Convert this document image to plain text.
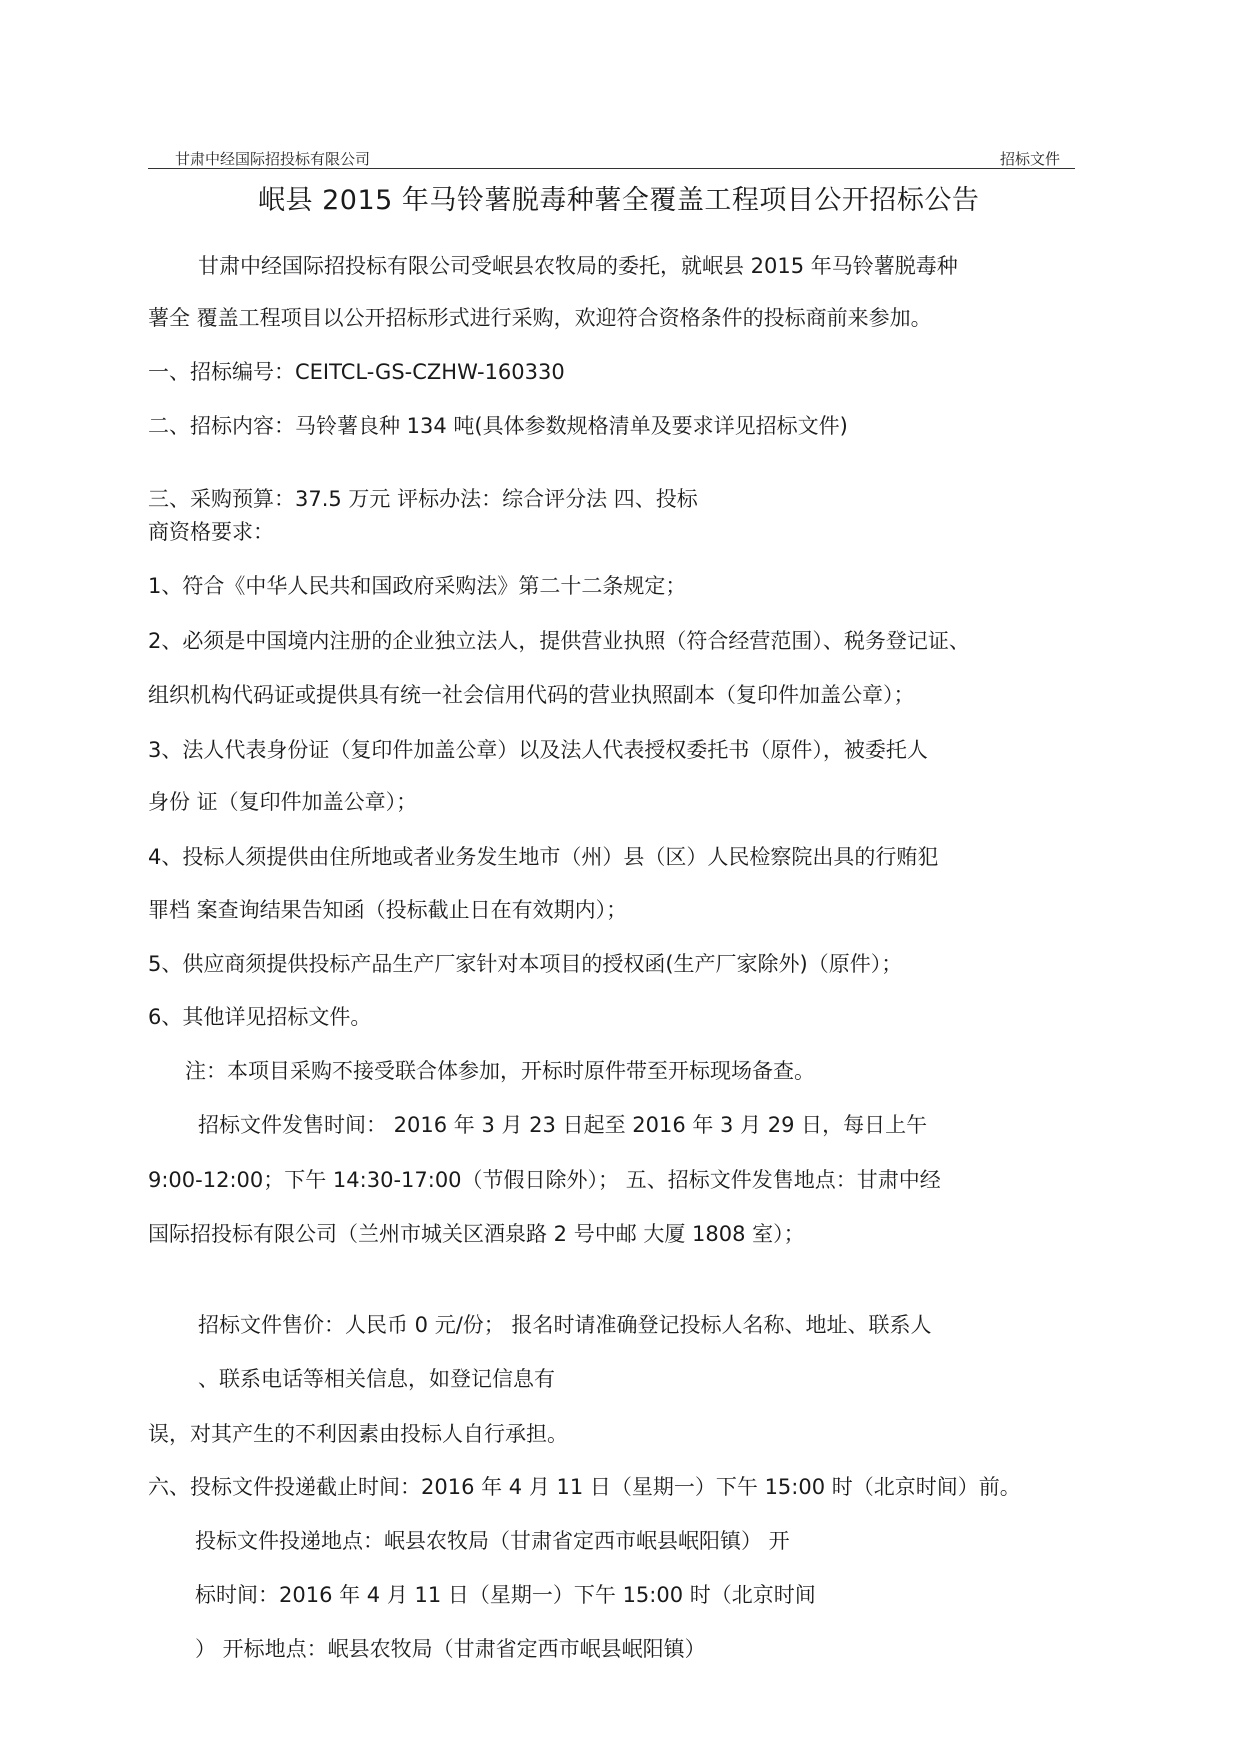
甘肃中经国际招投标有限公司	招标文件
岷县 2015 年马铃薯脱毒种薯全覆盖工程项目公开招标公告
甘肃中经国际招投标有限公司受岷县农牧局的委托，就岷县 2015 年马铃薯脱毒种
薯全 覆盖工程项目以公开招标形式进行采购，欢迎符合资格条件的投标商前来参加。
一、招标编号：CEITCL-GS-CZHW-160330
二、招标内容：马铃薯良种 134 吨(具体参数规格清单及要求详见招标文件)
三、采购预算：37.5 万元 评标办法：综合评分法 四、投标
商资格要求：
1、符合《中华人民共和国政府采购法》第二十二条规定；
2、必须是中国境内注册的企业独立法人，提供营业执照（符合经营范围）、税务登记证、
组织机构代码证或提供具有统一社会信用代码的营业执照副本（复印件加盖公章）；
3、法人代表身份证（复印件加盖公章）以及法人代表授权委托书（原件），被委托人
身份 证（复印件加盖公章）；
4、投标人须提供由住所地或者业务发生地市（州）县（区）人民检察院出具的行贿犯
罪档 案查询结果告知函（投标截止日在有效期内）；
5、供应商须提供投标产品生产厂家针对本项目的授权函(生产厂家除外)（原件）；
6、其他详见招标文件。
注：本项目采购不接受联合体参加，开标时原件带至开标现场备查。
招标文件发售时间： 2016 年 3 月 23 日起至 2016 年 3 月 29 日，每日上午
9:00-12:00；下午 14:30-17:00（节假日除外）； 五、招标文件发售地点：甘肃中经
国际招投标有限公司（兰州市城关区酒泉路 2 号中邮 大厦 1808 室）；
招标文件售价：人民币 0 元/份； 报名时请准确登记投标人名称、地址、联系人
、联系电话等相关信息，如登记信息有
误，对其产生的不利因素由投标人自行承担。
六、投标文件投递截止时间：2016 年 4 月 11 日（星期一）下午 15:00 时（北京时间）前。
投标文件投递地点：岷县农牧局（甘肃省定西市岷县岷阳镇） 开
标时间：2016 年 4 月 11 日（星期一）下午 15:00 时（北京时间
） 开标地点：岷县农牧局（甘肃省定西市岷县岷阳镇）
